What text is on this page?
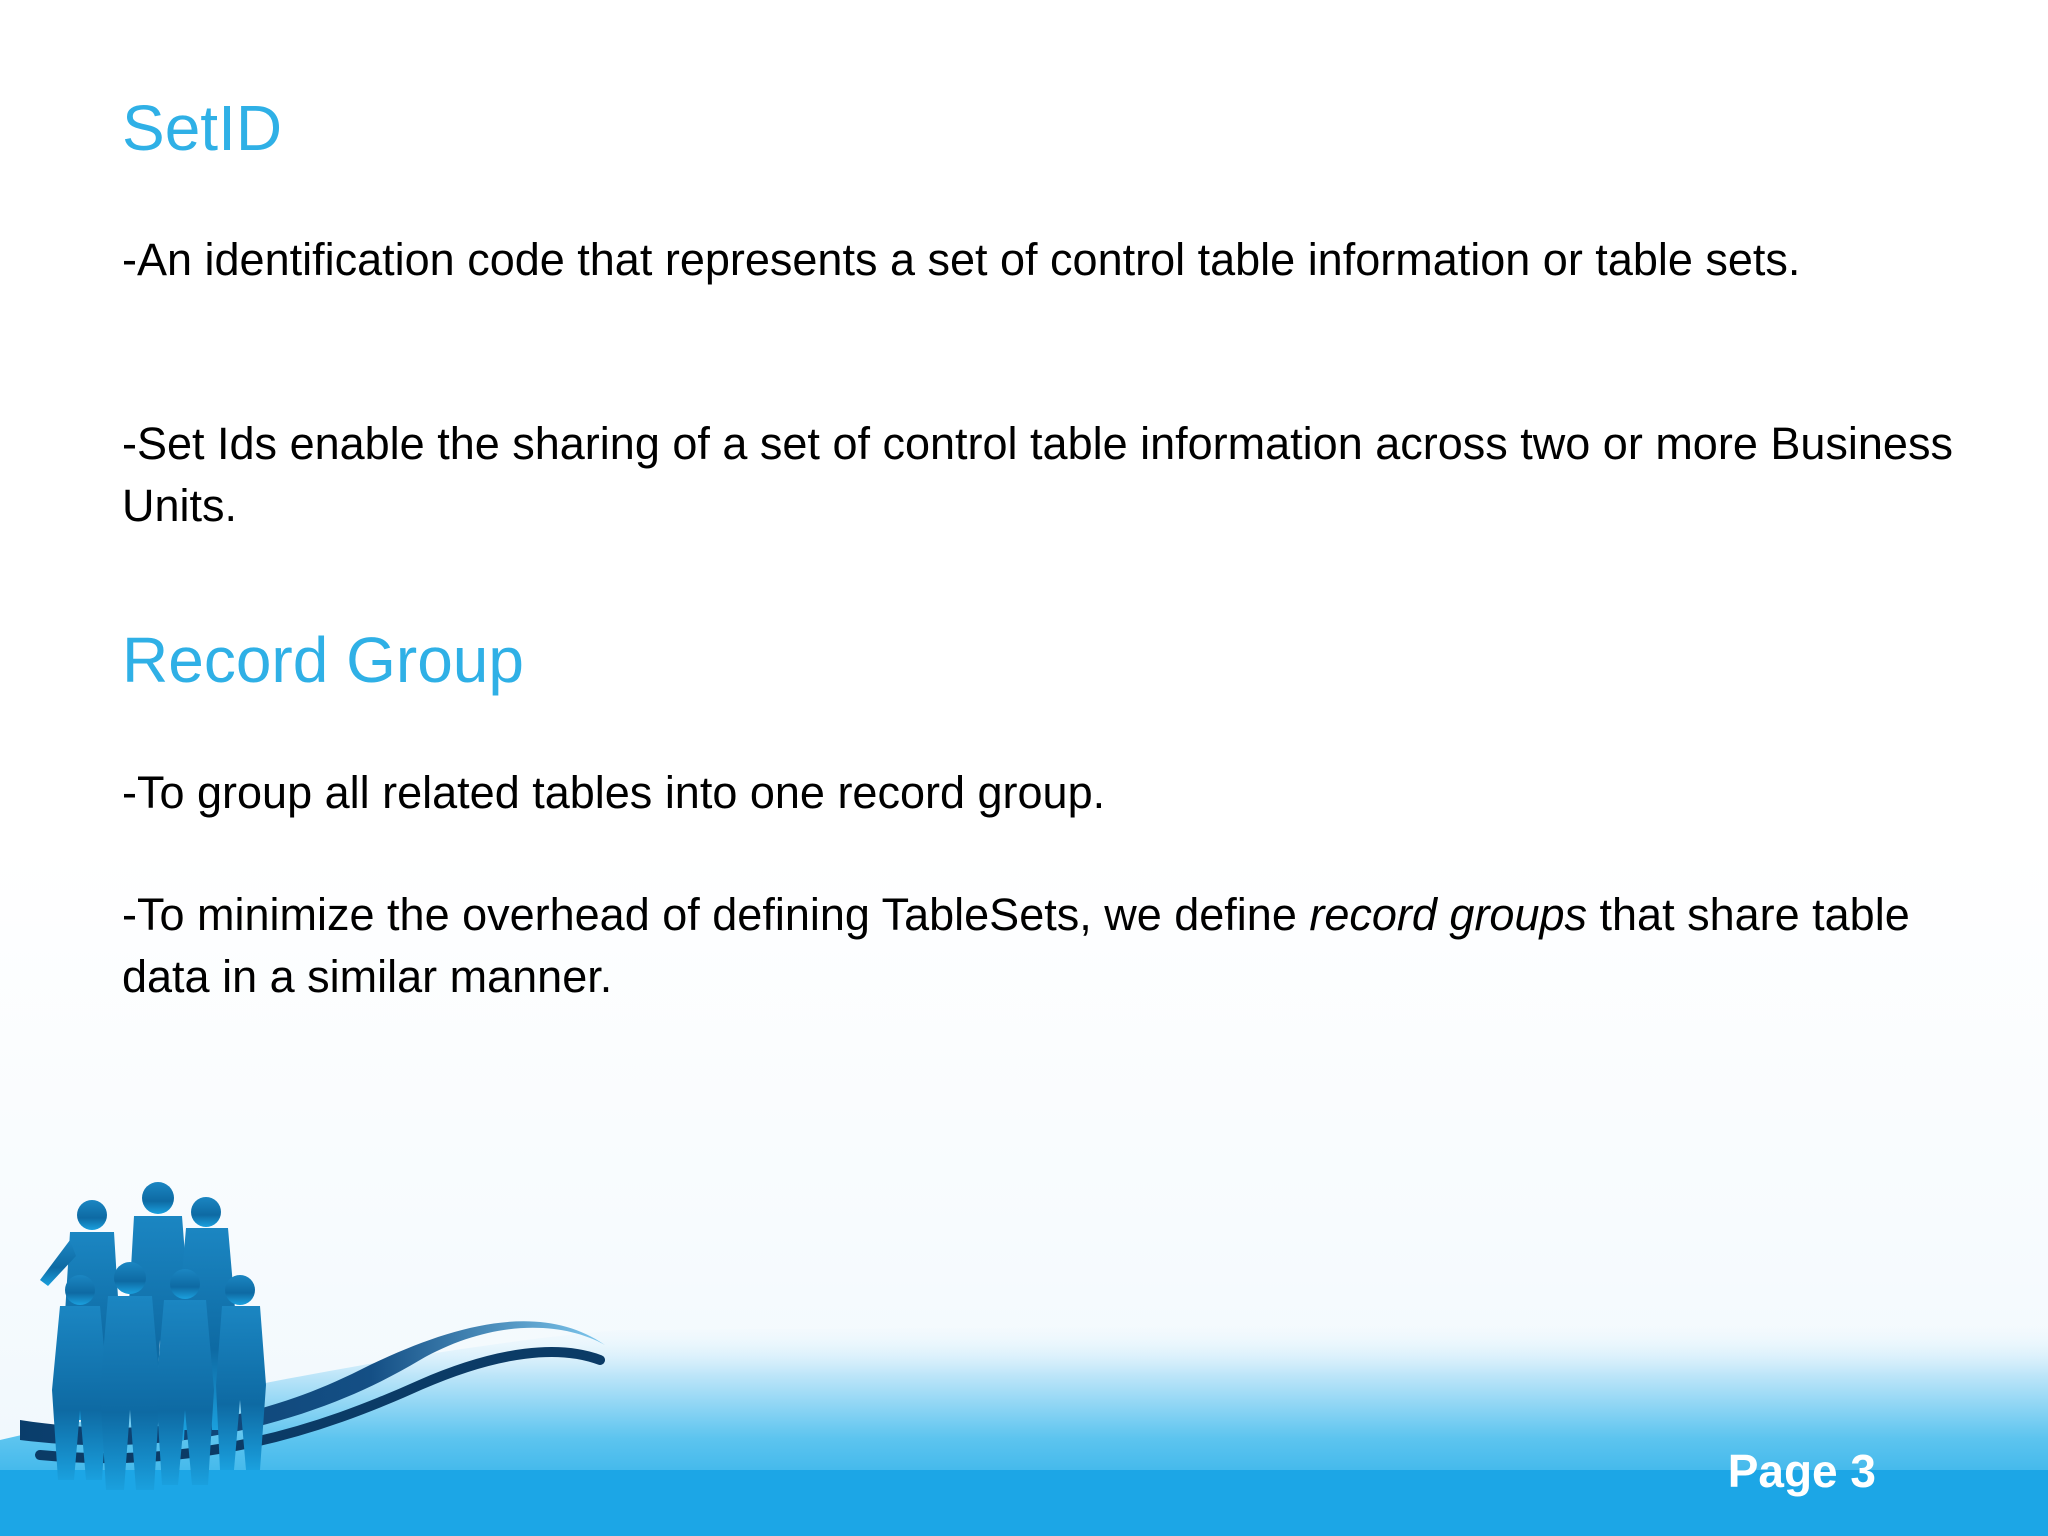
SetID

-An identification code that represents a set of control table information or table sets.

-Set Ids enable the sharing of a set of control table information across two or more Business Units.

Record Group

-To group all related tables into one record group.

-To minimize the overhead of defining TableSets, we define record groups that share table data in a similar manner.

Page 3
